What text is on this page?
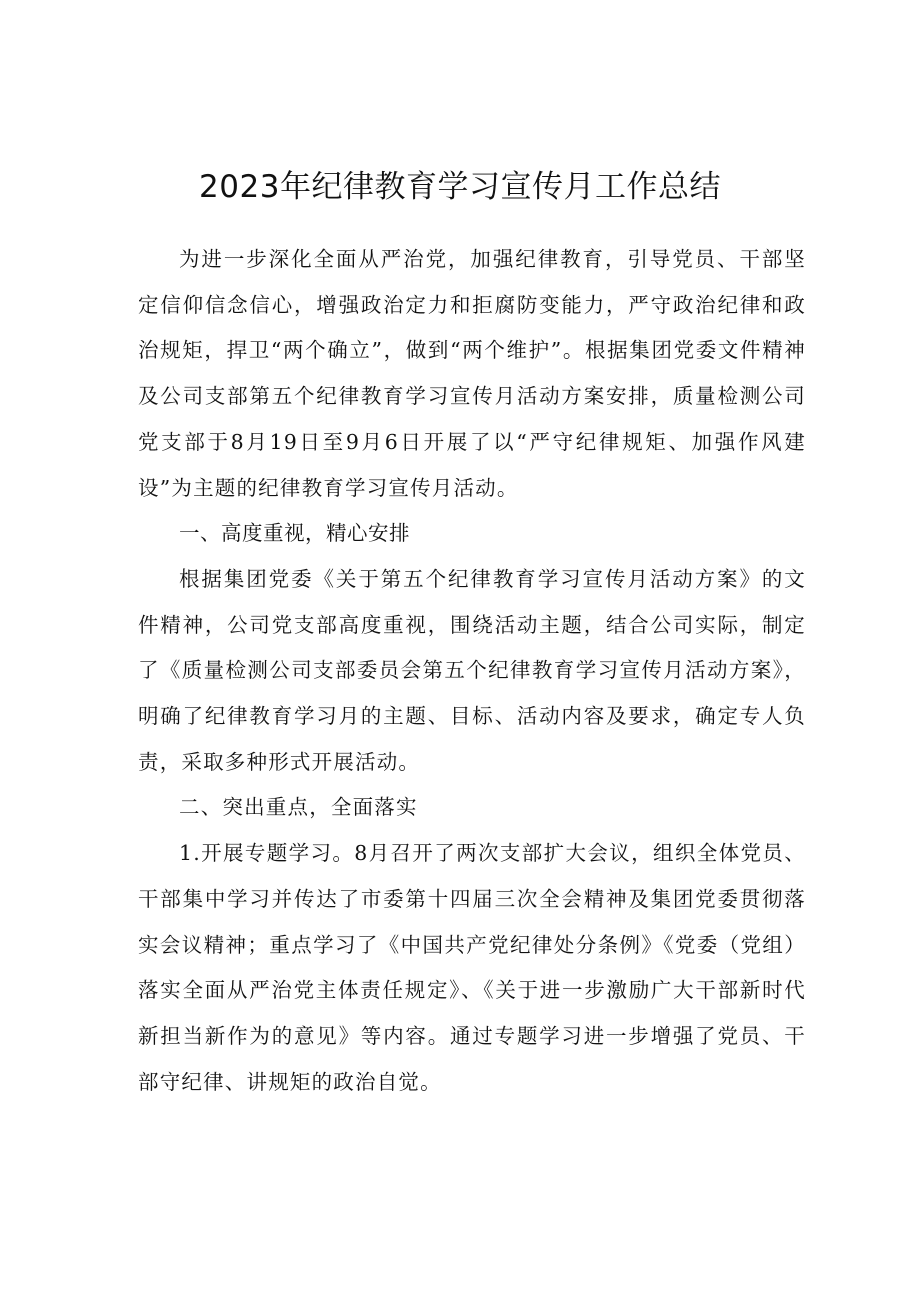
2023年纪律教育学习宣传月工作总结

为进一步深化全面从严治党，加强纪律教育，引导党员、干部坚定信仰信念信心，增强政治定力和拒腐防变能力，严守政治纪律和政治规矩，捍卫“两个确立”，做到“两个维护”。根据集团党委文件精神及公司支部第五个纪律教育学习宣传月活动方案安排，质量检测公司党支部于8月19日至9月6日开展了以“严守纪律规矩、加强作风建设”为主题的纪律教育学习宣传月活动。

一、高度重视，精心安排

根据集团党委《关于第五个纪律教育学习宣传月活动方案》的文件精神，公司党支部高度重视，围绕活动主题，结合公司实际，制定了《质量检测公司支部委员会第五个纪律教育学习宣传月活动方案》，明确了纪律教育学习月的主题、目标、活动内容及要求，确定专人负责，采取多种形式开展活动。

二、突出重点，全面落实

1.开展专题学习。8月召开了两次支部扩大会议，组织全体党员、干部集中学习并传达了市委第十四届三次全会精神及集团党委贯彻落实会议精神；重点学习了《中国共产党纪律处分条例》《党委（党组）落实全面从严治党主体责任规定》、《关于进一步激励广大干部新时代新担当新作为的意见》等内容。通过专题学习进一步增强了党员、干部守纪律、讲规矩的政治自觉。
